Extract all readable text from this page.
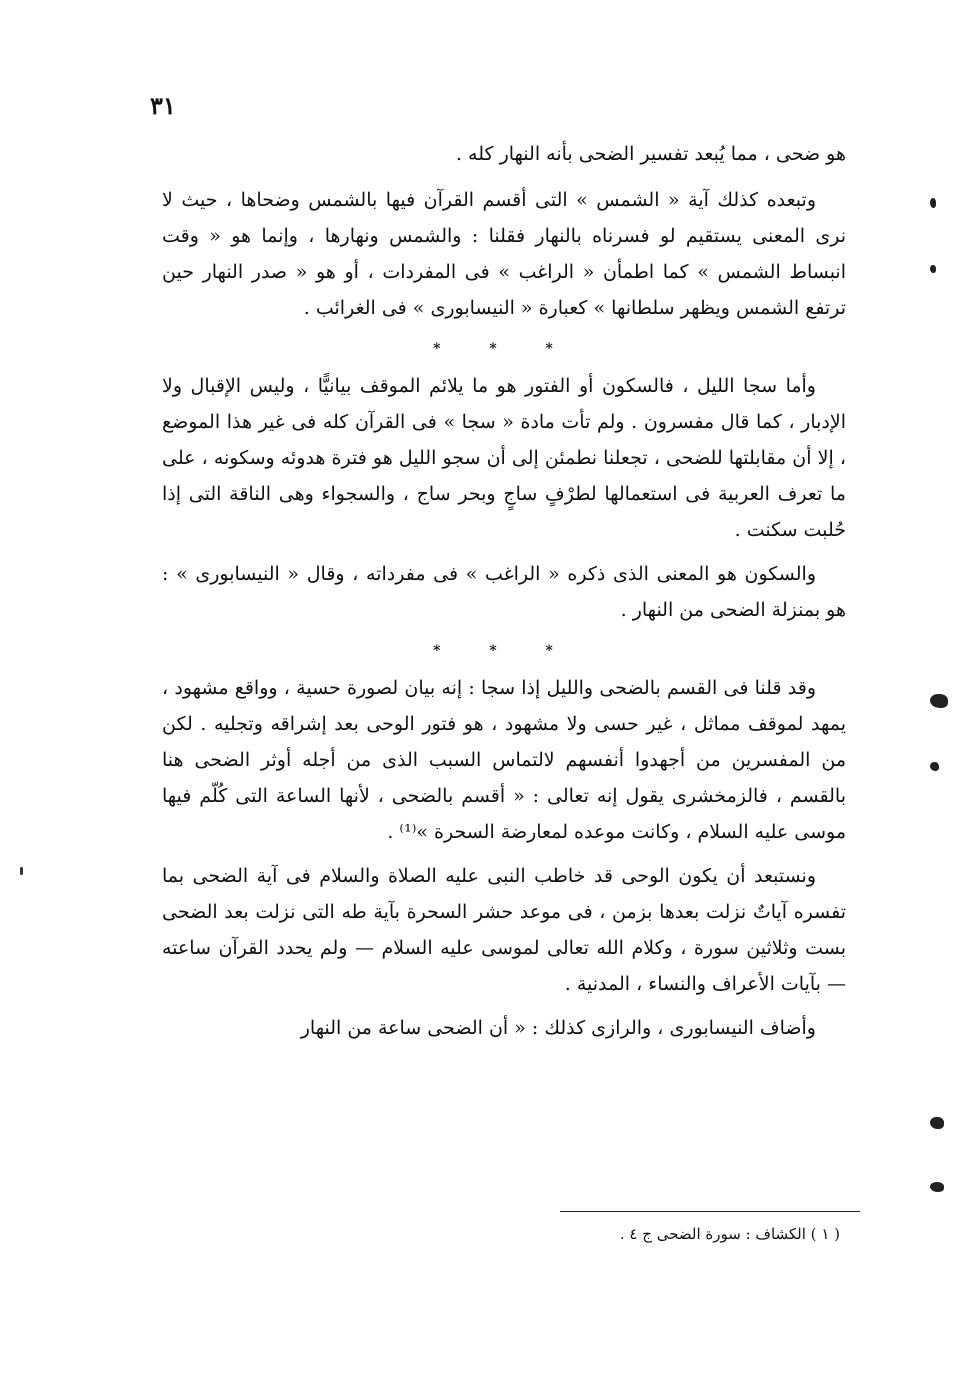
٣١

هو ضحى ، مما يُبعد تفسير الضحى بأنه النهار كله .

وتبعده كذلك آية « الشمس » التى أقسم القرآن فيها بالشمس وضحاها ، حيث لا نرى المعنى يستقيم لو فسرناه بالنهار فقلنا : والشمس ونهارها ، وإنما هو « وقت انبساط الشمس » كما اطمأن « الراغب » فى المفردات ، أو هو « صدر النهار حين ترتفع الشمس ويظهر سلطانها » كعبارة « النيسابورى » فى الغرائب .

* * *

وأما سجا الليل ، فالسكون أو الفتور هو ما يلائم الموقف بيانيًّا ، وليس الإقبال ولا الإدبار ، كما قال مفسرون . ولم تأت مادة « سجا » فى القرآن كله فى غير هذا الموضع ، إلا أن مقابلتها للضحى ، تجعلنا نطمئن إلى أن سجو الليل هو فترة هدوئه وسكونه ، على ما تعرف العربية فى استعمالها لطرْفٍ ساجٍ وبحر ساج ، والسجواء وهى الناقة التى إذا حُلبت سكنت .

والسكون هو المعنى الذى ذكره « الراغب » فى مفرداته ، وقال « النيسابورى » : هو بمنزلة الضحى من النهار .

* * *

وقد قلنا فى القسم بالضحى والليل إذا سجا : إنه بيان لصورة حسية ، وواقع مشهود ، يمهد لموقف مماثل ، غير حسى ولا مشهود ، هو فتور الوحى بعد إشراقه وتجليه . لكن من المفسرين من أجهدوا أنفسهم لالتماس السبب الذى من أجله أوثر الضحى هنا بالقسم ، فالزمخشرى يقول إنه تعالى : « أقسم بالضحى ، لأنها الساعة التى كُلّم فيها موسى عليه السلام ، وكانت موعده لمعارضة السحرة »⁽¹⁾ .

ونستبعد أن يكون الوحى قد خاطب النبى عليه الصلاة والسلام فى آية الضحى بما تفسره آياتٌ نزلت بعدها بزمن ، فى موعد حشر السحرة بآية طه التى نزلت بعد الضحى بست وثلاثين سورة ، وكلام الله تعالى لموسى عليه السلام — ولم يحدد القرآن ساعته — بآيات الأعراف والنساء ، المدنية .

وأضاف النيسابورى ، والرازى كذلك : « أن الضحى ساعة من النهار

( ١ ) الكشاف : سورة الضحى ج ٤ .
